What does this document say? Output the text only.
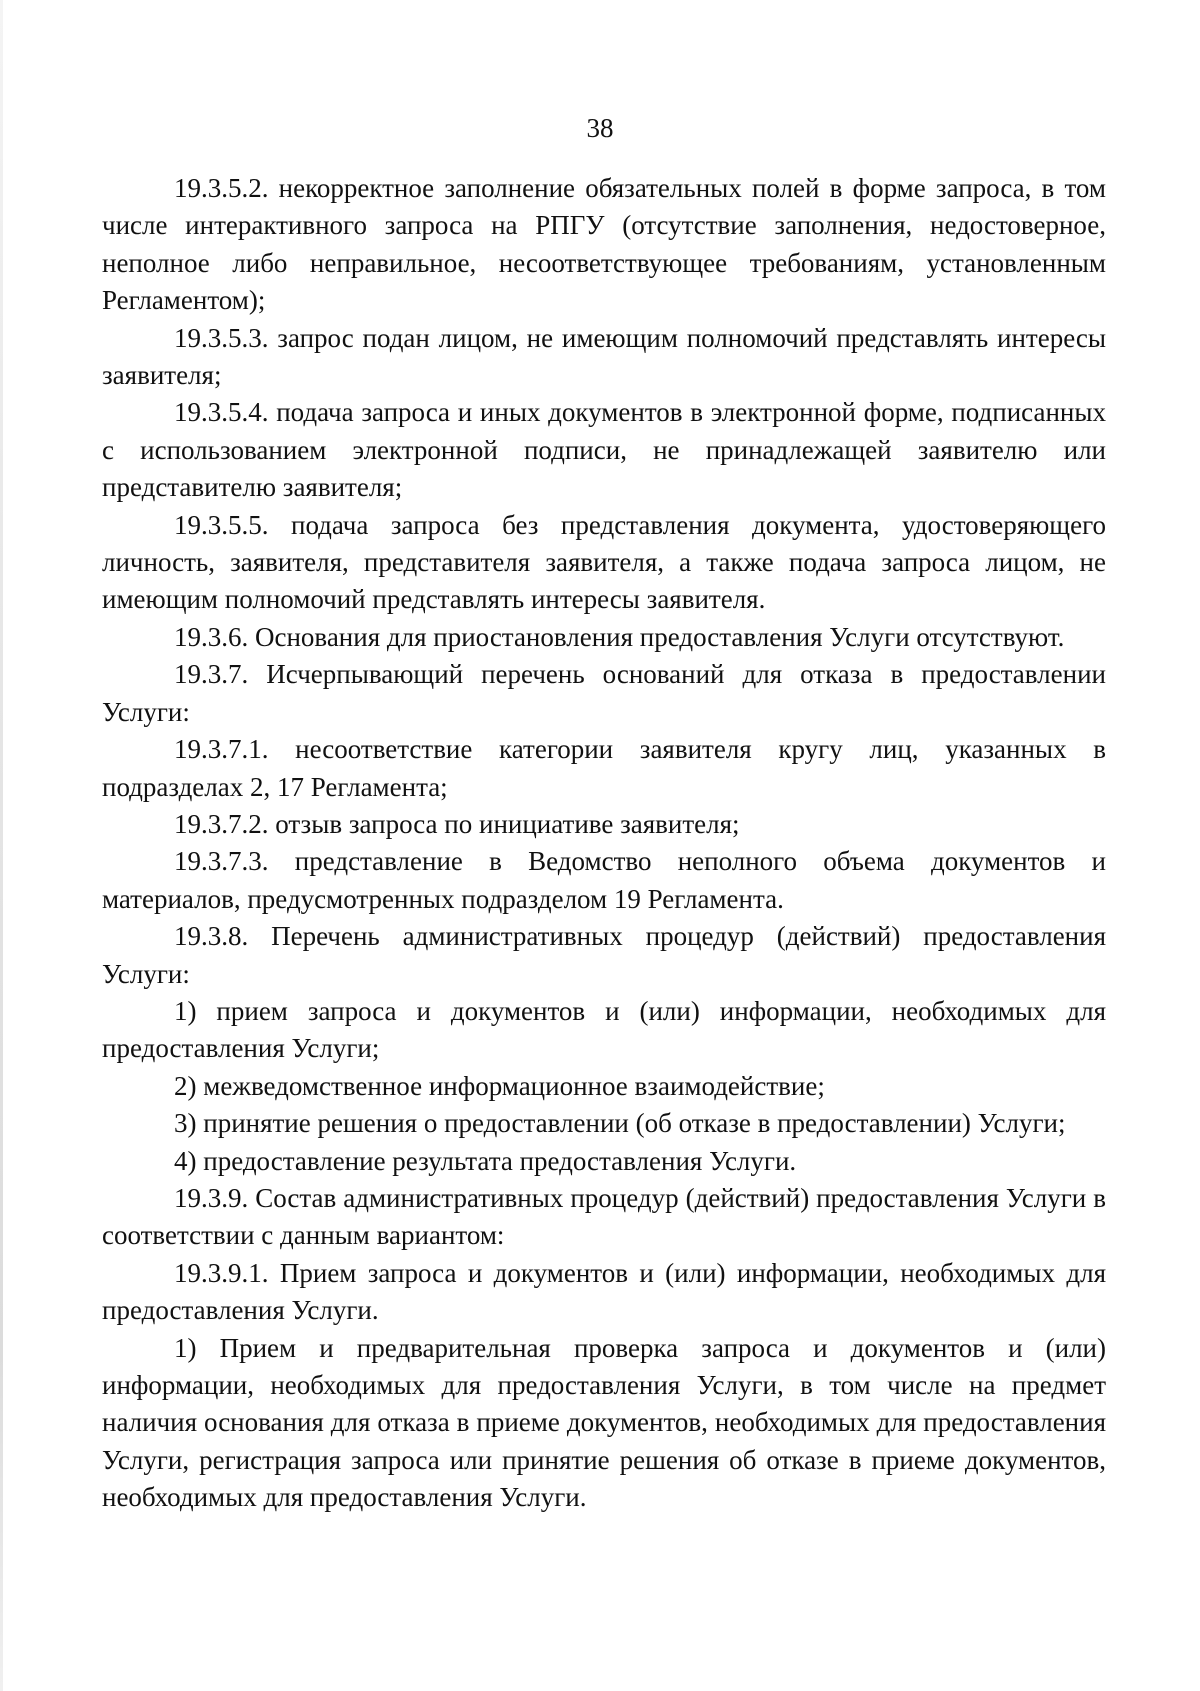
38

19.3.5.2. некорректное заполнение обязательных полей в форме запроса, в том числе интерактивного запроса на РПГУ (отсутствие заполнения, недостоверное, неполное либо неправильное, несоответствующее требованиям, установленным Регламентом);

19.3.5.3. запрос подан лицом, не имеющим полномочий представлять интересы заявителя;

19.3.5.4. подача запроса и иных документов в электронной форме, подписанных с использованием электронной подписи, не принадлежащей заявителю или представителю заявителя;

19.3.5.5. подача запроса без представления документа, удостоверяющего личность, заявителя, представителя заявителя, а также подача запроса лицом, не имеющим полномочий представлять интересы заявителя.

19.3.6. Основания для приостановления предоставления Услуги отсутствуют.

19.3.7. Исчерпывающий перечень оснований для отказа в предоставлении Услуги:

19.3.7.1. несоответствие категории заявителя кругу лиц, указанных в подразделах 2, 17 Регламента;

19.3.7.2. отзыв запроса по инициативе заявителя;

19.3.7.3. представление в Ведомство неполного объема документов и материалов, предусмотренных подразделом 19 Регламента.

19.3.8. Перечень административных процедур (действий) предоставления Услуги:

1) прием запроса и документов и (или) информации, необходимых для предоставления Услуги;

2) межведомственное информационное взаимодействие;

3) принятие решения о предоставлении (об отказе в предоставлении) Услуги;

4) предоставление результата предоставления Услуги.

19.3.9. Состав административных процедур (действий) предоставления Услуги в соответствии с данным вариантом:

19.3.9.1. Прием запроса и документов и (или) информации, необходимых для предоставления Услуги.

1) Прием и предварительная проверка запроса и документов и (или) информации, необходимых для предоставления Услуги, в том числе на предмет наличия основания для отказа в приеме документов, необходимых для предоставления Услуги, регистрация запроса или принятие решения об отказе в приеме документов, необходимых для предоставления Услуги.
